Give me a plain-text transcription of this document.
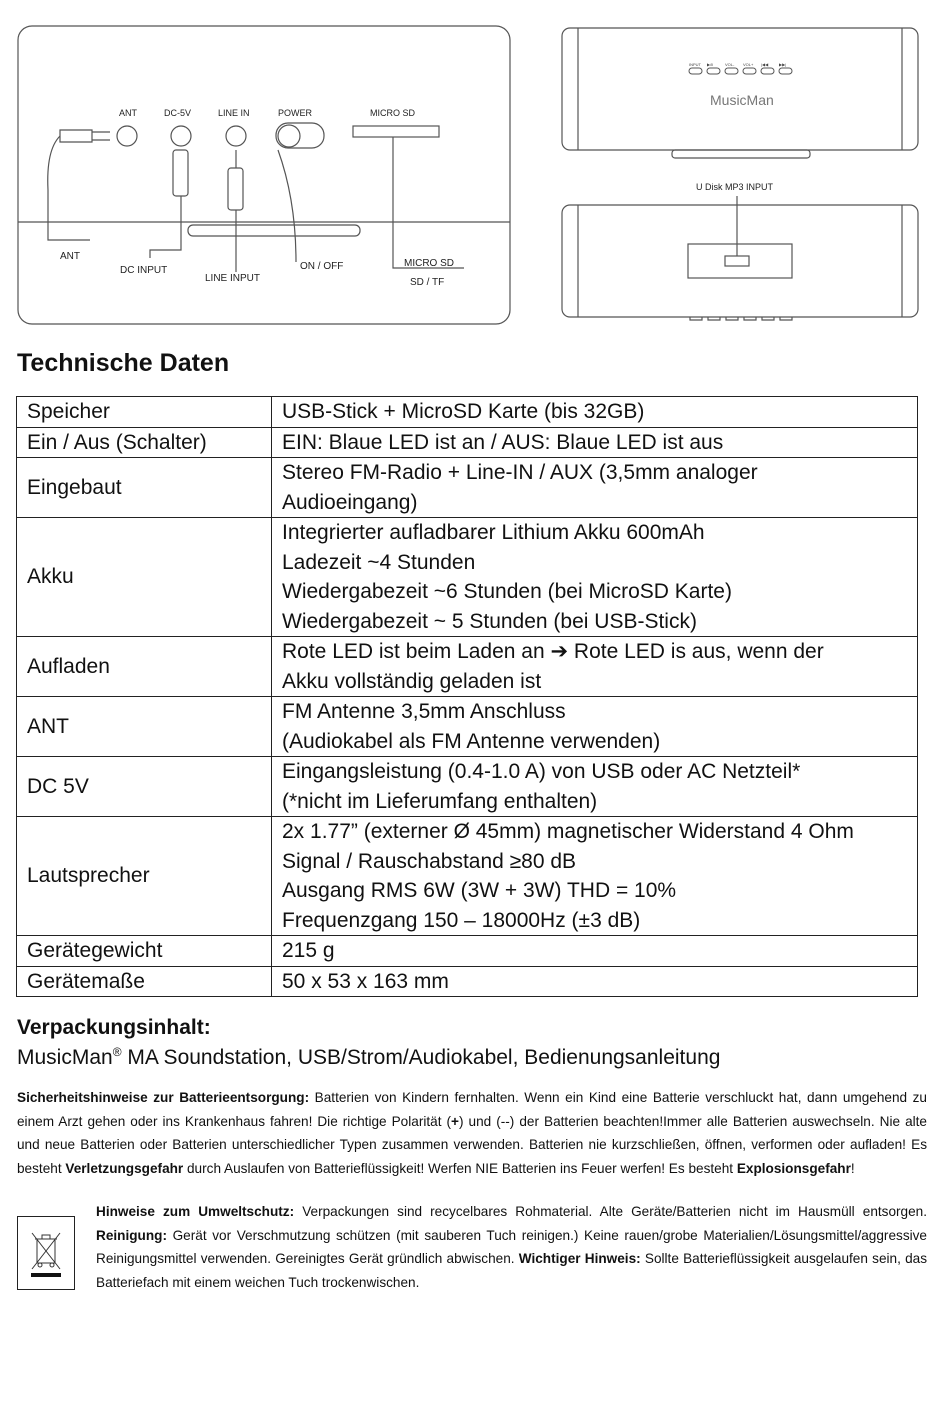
ANT	DC-5V	LINE IN	POWER	MICRO SD
ANT
DC INPUT
LINE INPUT
ON / OFF	MICRO SD
SD / TF
INPUT ▶/II	VOL- VOL+ |◀◀	▶▶|
MusicMan
U Disk MP3 INPUT
Technische Daten
Speicher	USB-Stick + MicroSD Karte (bis 32GB)

Ein / Aus (Schalter)	EIN: Blaue LED ist an / AUS: Blaue LED ist aus

Eingebaut	Stereo FM-Radio + Line-IN / AUX (3,5mm analoger
Audioeingang)

Akku	Integrierter aufladbarer Lithium Akku 600mAh
Ladezeit ~4 Stunden
Wiedergabezeit ~6 Stunden (bei MicroSD Karte)
Wiedergabezeit ~ 5 Stunden (bei USB-Stick)

Aufladen	Rote LED ist beim Laden an ➔ Rote LED is aus, wenn der
Akku vollständig geladen ist

ANT	FM Antenne 3,5mm Anschluss
(Audiokabel als FM Antenne verwenden)

DC 5V	Eingangsleistung (0.4-1.0 A) von USB oder AC Netzteil*
(*nicht im Lieferumfang enthalten)

Lautsprecher	2x 1.77” (externer Ø 45mm) magnetischer Widerstand 4 Ohm
Signal / Rauschabstand ≥80 dB
Ausgang RMS 6W (3W + 3W) THD = 10%
Frequenzgang 150 – 18000Hz (±3 dB)

Gerätegewicht	215 g

Gerätemaße	50 x 53 x 163 mm
Verpackungsinhalt:
MusicMan® MA Soundstation, USB/Strom/Audiokabel, Bedienungsanleitung
Sicherheitshinweise zur Batterieentsorgung: Batterien von Kindern fernhalten. Wenn ein Kind eine Batterie verschluckt hat, dann umgehend zu einem Arzt gehen oder ins Krankenhaus fahren! Die richtige Polarität (+) und (--) der Batterien beachten!Immer alle Batterien auswechseln. Nie alte und neue Batterien oder Batterien unterschiedlicher Typen zusammen verwenden. Batterien nie kurzschließen, öffnen, verformen oder aufladen! Es besteht Verletzungsgefahr durch Auslaufen von Batterieflüssigkeit! Werfen NIE Batterien ins Feuer werfen! Es besteht Explosionsgefahr!
Hinweise zum Umweltschutz: Verpackungen sind recycelbares Rohmaterial. Alte Geräte/Batterien nicht im Hausmüll entsorgen. Reinigung: Gerät vor Verschmutzung schützen (mit sauberen Tuch reinigen.) Keine rauen/grobe Materialien/Lösungsmittel/aggressive Reinigungsmittel verwenden. Gereinigtes Gerät gründlich abwischen. Wichtiger Hinweis: Sollte Batterieflüssigkeit ausgelaufen sein, das Batteriefach mit einem weichen Tuch trockenwischen.
